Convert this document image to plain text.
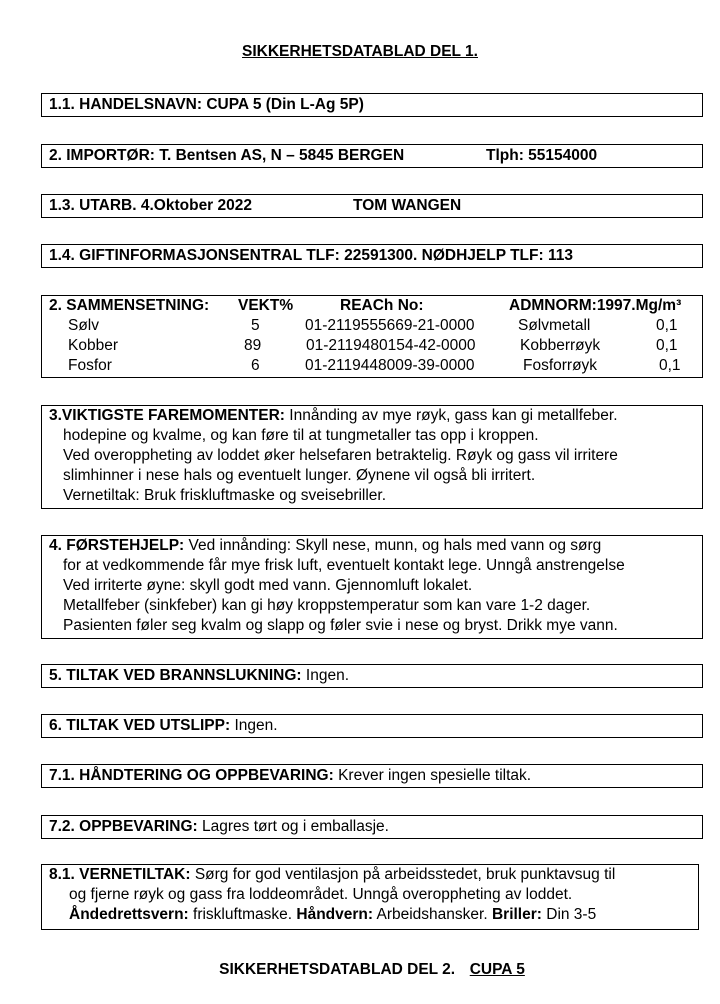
SIKKERHETSDATABLAD DEL 1.
1.1. HANDELSNAVN: CUPA 5 (Din L-Ag 5P)
2. IMPORTØR: T. Bentsen AS, N – 5845 BERGEN	Tlph: 55154000
1.3. UTARB. 4.Oktober 2022	TOM WANGEN
1.4. GIFTINFORMASJONSENTRAL TLF: 22591300. NØDHJELP TLF: 113
2. SAMMENSETNING: VEKT%	REACh No:	ADMNORM:1997.Mg/m³
Sølv	5	01-2119555669-21-0000	Sølvmetall	0,1
Kobber	89	01-2119480154-42-0000	Kobberrøyk	0,1
Fosfor	6	01-2119448009-39-0000	Fosforrøyk	0,1
3.VIKTIGSTE FAREMOMENTER: Innånding av mye røyk, gass kan gi metallfeber.
hodepine og kvalme, og kan føre til at tungmetaller tas opp i kroppen.
Ved overoppheting av loddet øker helsefaren betraktelig. Røyk og gass vil irritere
slimhinner i nese hals og eventuelt lunger. Øynene vil også bli irritert.
Vernetiltak: Bruk friskluftmaske og sveisebriller.
4. FØRSTEHJELP: Ved innånding: Skyll nese, munn, og hals med vann og sørg
for at vedkommende får mye frisk luft, eventuelt kontakt lege. Unngå anstrengelse
Ved irriterte øyne: skyll godt med vann. Gjennomluft lokalet.
Metallfeber (sinkfeber) kan gi høy kroppstemperatur som kan vare 1-2 dager.
Pasienten føler seg kvalm og slapp og føler svie i nese og bryst. Drikk mye vann.
5. TILTAK VED BRANNSLUKNING: Ingen.
6. TILTAK VED UTSLIPP: Ingen.
7.1. HÅNDTERING OG OPPBEVARING: Krever ingen spesielle tiltak.
7.2. OPPBEVARING: Lagres tørt og i emballasje.
8.1. VERNETILTAK: Sørg for god ventilasjon på arbeidsstedet, bruk punktavsug til
og fjerne røyk og gass fra loddeområdet. Unngå overoppheting av loddet.
Åndedrettsvern: friskluftmaske. Håndvern: Arbeidshansker. Briller: Din 3-5
SIKKERHETSDATABLAD DEL 2. CUPA 5
